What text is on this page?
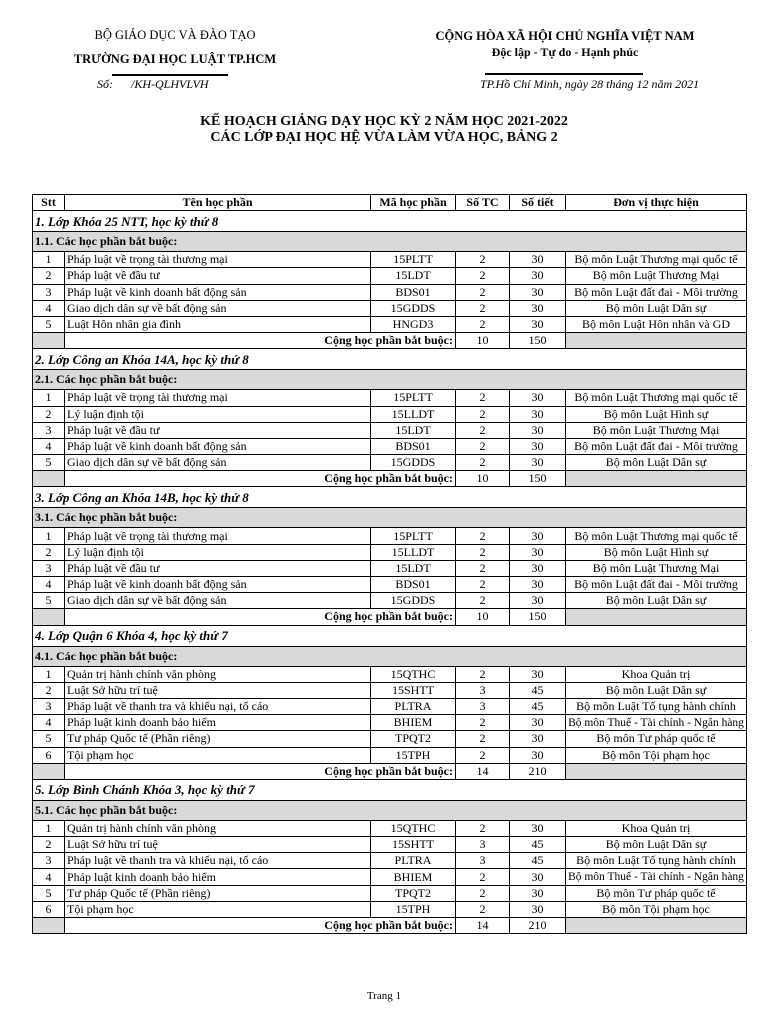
BỘ GIÁO DỤC VÀ ĐÀO TẠO
TRƯỜNG ĐẠI HỌC LUẬT TP.HCM
Số: /KH-QLHVLVH
CỘNG HÒA XÃ HỘI CHỦ NGHĨA VIỆT NAM
Độc lập - Tự do - Hạnh phúc
TP.Hồ Chí Minh, ngày 28 tháng 12 năm 2021
KẾ HOẠCH GIẢNG DẠY HỌC KỲ 2 NĂM HỌC 2021-2022
CÁC LỚP ĐẠI HỌC HỆ VỪA LÀM VỪA HỌC, BẢNG 2
Stt	Tên học phần	Mã học phần	Số TC	Số tiết	Đơn vị thực hiện
1. Lớp Khóa 25 NTT, học kỳ thứ 8					
1.1. Các học phần bắt buộc:					
1	Pháp luật về trọng tài thương mại	15PLTT	2	30	Bộ môn Luật Thương mại quốc tế
2	Pháp luật về đầu tư	15LDT	2	30	Bộ môn Luật Thương Mại
3	Pháp luật về kinh doanh bất động sản	BDS01	2	30	Bộ môn Luật đất đai - Môi trường
4	Giao dịch dân sự về bất động sản	15GDDS	2	30	Bộ môn Luật Dân sự
5	Luật Hôn nhân gia đình	HNGD3	2	30	Bộ môn Luật Hôn nhân và GD
	Cộng học phần bắt buộc:		10	150	
2. Lớp Công an Khóa 14A, học kỳ thứ 8					
2.1. Các học phần bắt buộc:					
1	Pháp luật về trọng tài thương mại	15PLTT	2	30	Bộ môn Luật Thương mại quốc tế
2	Lý luận định tội	15LLDT	2	30	Bộ môn Luật Hình sự
3	Pháp luật về đầu tư	15LDT	2	30	Bộ môn Luật Thương Mại
4	Pháp luật về kinh doanh bất động sản	BDS01	2	30	Bộ môn Luật đất đai - Môi trường
5	Giao dịch dân sự về bất động sản	15GDDS	2	30	Bộ môn Luật Dân sự
	Cộng học phần bắt buộc:		10	150	
3. Lớp Công an Khóa 14B, học kỳ thứ 8					
3.1. Các học phần bắt buộc:					
1	Pháp luật về trọng tài thương mại	15PLTT	2	30	Bộ môn Luật Thương mại quốc tế
2	Lý luận định tội	15LLDT	2	30	Bộ môn Luật Hình sự
3	Pháp luật về đầu tư	15LDT	2	30	Bộ môn Luật Thương Mại
4	Pháp luật về kinh doanh bất động sản	BDS01	2	30	Bộ môn Luật đất đai - Môi trường
5	Giao dịch dân sự về bất động sản	15GDDS	2	30	Bộ môn Luật Dân sự
	Cộng học phần bắt buộc:		10	150	
4. Lớp Quận 6 Khóa 4, học kỳ thứ 7					
4.1. Các học phần bắt buộc:					
1	Quản trị hành chính văn phòng	15QTHC	2	30	Khoa Quản trị
2	Luật Sở hữu trí tuệ	15SHTT	3	45	Bộ môn Luật Dân sự
3	Pháp luật về thanh tra và khiếu nại, tố cáo	PLTRA	3	45	Bộ môn Luật Tố tụng hành chính
4	Pháp luật kinh doanh bảo hiểm	BHIEM	2	30	Bộ môn Thuế - Tài chính - Ngân hàng
5	Tư pháp Quốc tế (Phần riêng)	TPQT2	2	30	Bộ môn Tư pháp quốc tế
6	Tội phạm học	15TPH	2	30	Bộ môn Tội phạm học
	Cộng học phần bắt buộc:		14	210	
5. Lớp Bình Chánh Khóa 3, học kỳ thứ 7					
5.1. Các học phần bắt buộc:					
1	Quản trị hành chính văn phòng	15QTHC	2	30	Khoa Quản trị
2	Luật Sở hữu trí tuệ	15SHTT	3	45	Bộ môn Luật Dân sự
3	Pháp luật về thanh tra và khiếu nại, tố cáo	PLTRA	3	45	Bộ môn Luật Tố tụng hành chính
4	Pháp luật kinh doanh bảo hiểm	BHIEM	2	30	Bộ môn Thuế - Tài chính - Ngân hàng
5	Tư pháp Quốc tế (Phần riêng)	TPQT2	2	30	Bộ môn Tư pháp quốc tế
6	Tội phạm học	15TPH	2	30	Bộ môn Tội phạm học
	Cộng học phần bắt buộc:		14	210	
Trang 1
